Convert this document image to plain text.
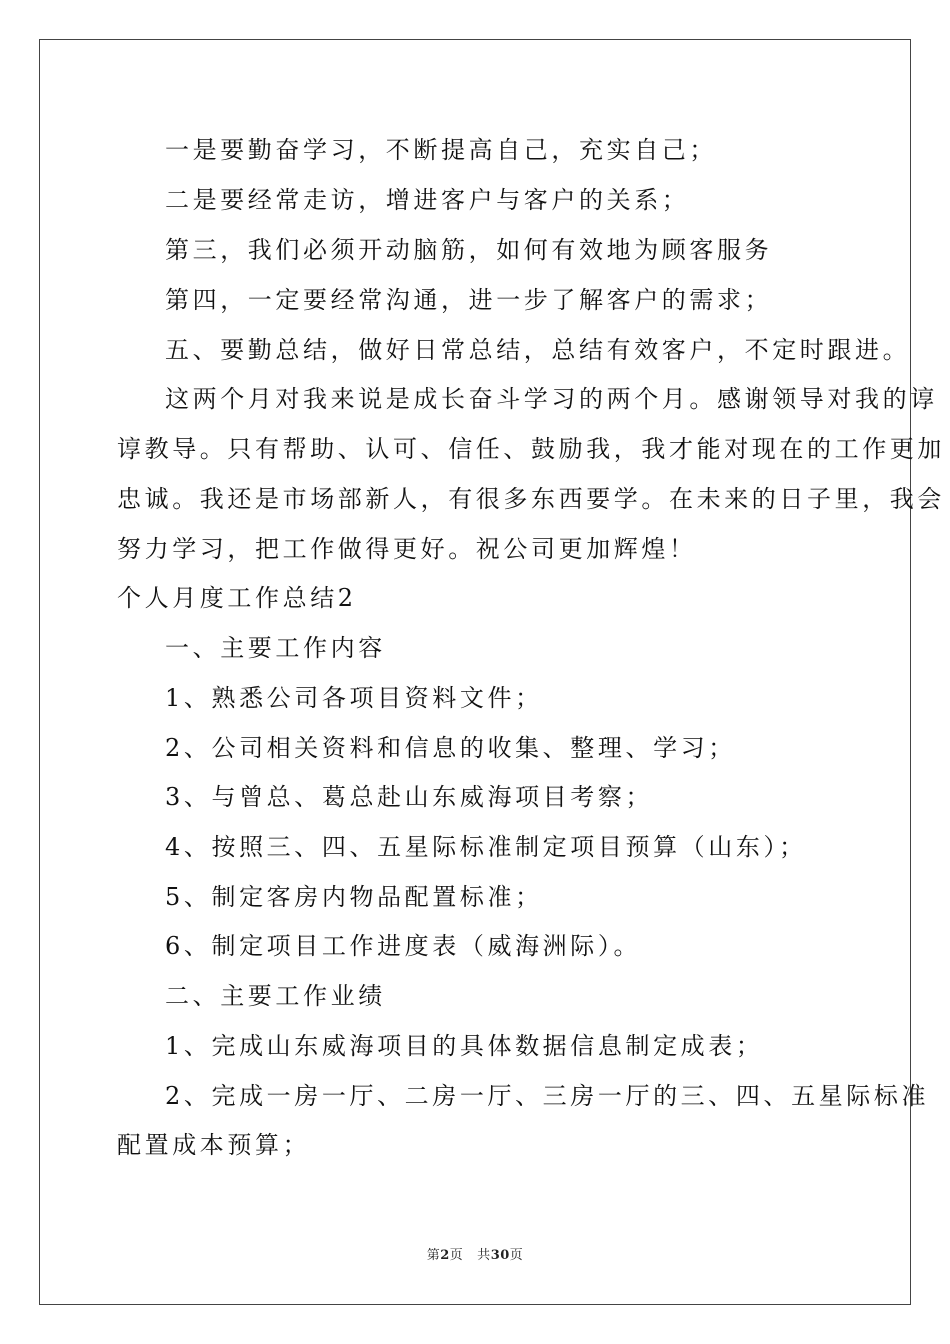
一是要勤奋学习，不断提高自己，充实自己；
二是要经常走访，增进客户与客户的关系；
第三，我们必须开动脑筋，如何有效地为顾客服务
第四，一定要经常沟通，进一步了解客户的需求；
五、要勤总结，做好日常总结，总结有效客户，不定时跟进。
这两个月对我来说是成长奋斗学习的两个月。感谢领导对我的谆
谆教导。只有帮助、认可、信任、鼓励我，我才能对现在的工作更加
忠诚。我还是市场部新人，有很多东西要学。在未来的日子里，我会
努力学习，把工作做得更好。祝公司更加辉煌！
个人月度工作总结2
一、主要工作内容
1、熟悉公司各项目资料文件；
2、公司相关资料和信息的收集、整理、学习；
3、与曾总、葛总赴山东威海项目考察；
4、按照三、四、五星际标准制定项目预算（山东）；
5、制定客房内物品配置标准；
6、制定项目工作进度表（威海洲际）。
二、主要工作业绩
1、完成山东威海项目的具体数据信息制定成表；
2、完成一房一厅、二房一厅、三房一厅的三、四、五星际标准
配置成本预算；
第2页 共30页
